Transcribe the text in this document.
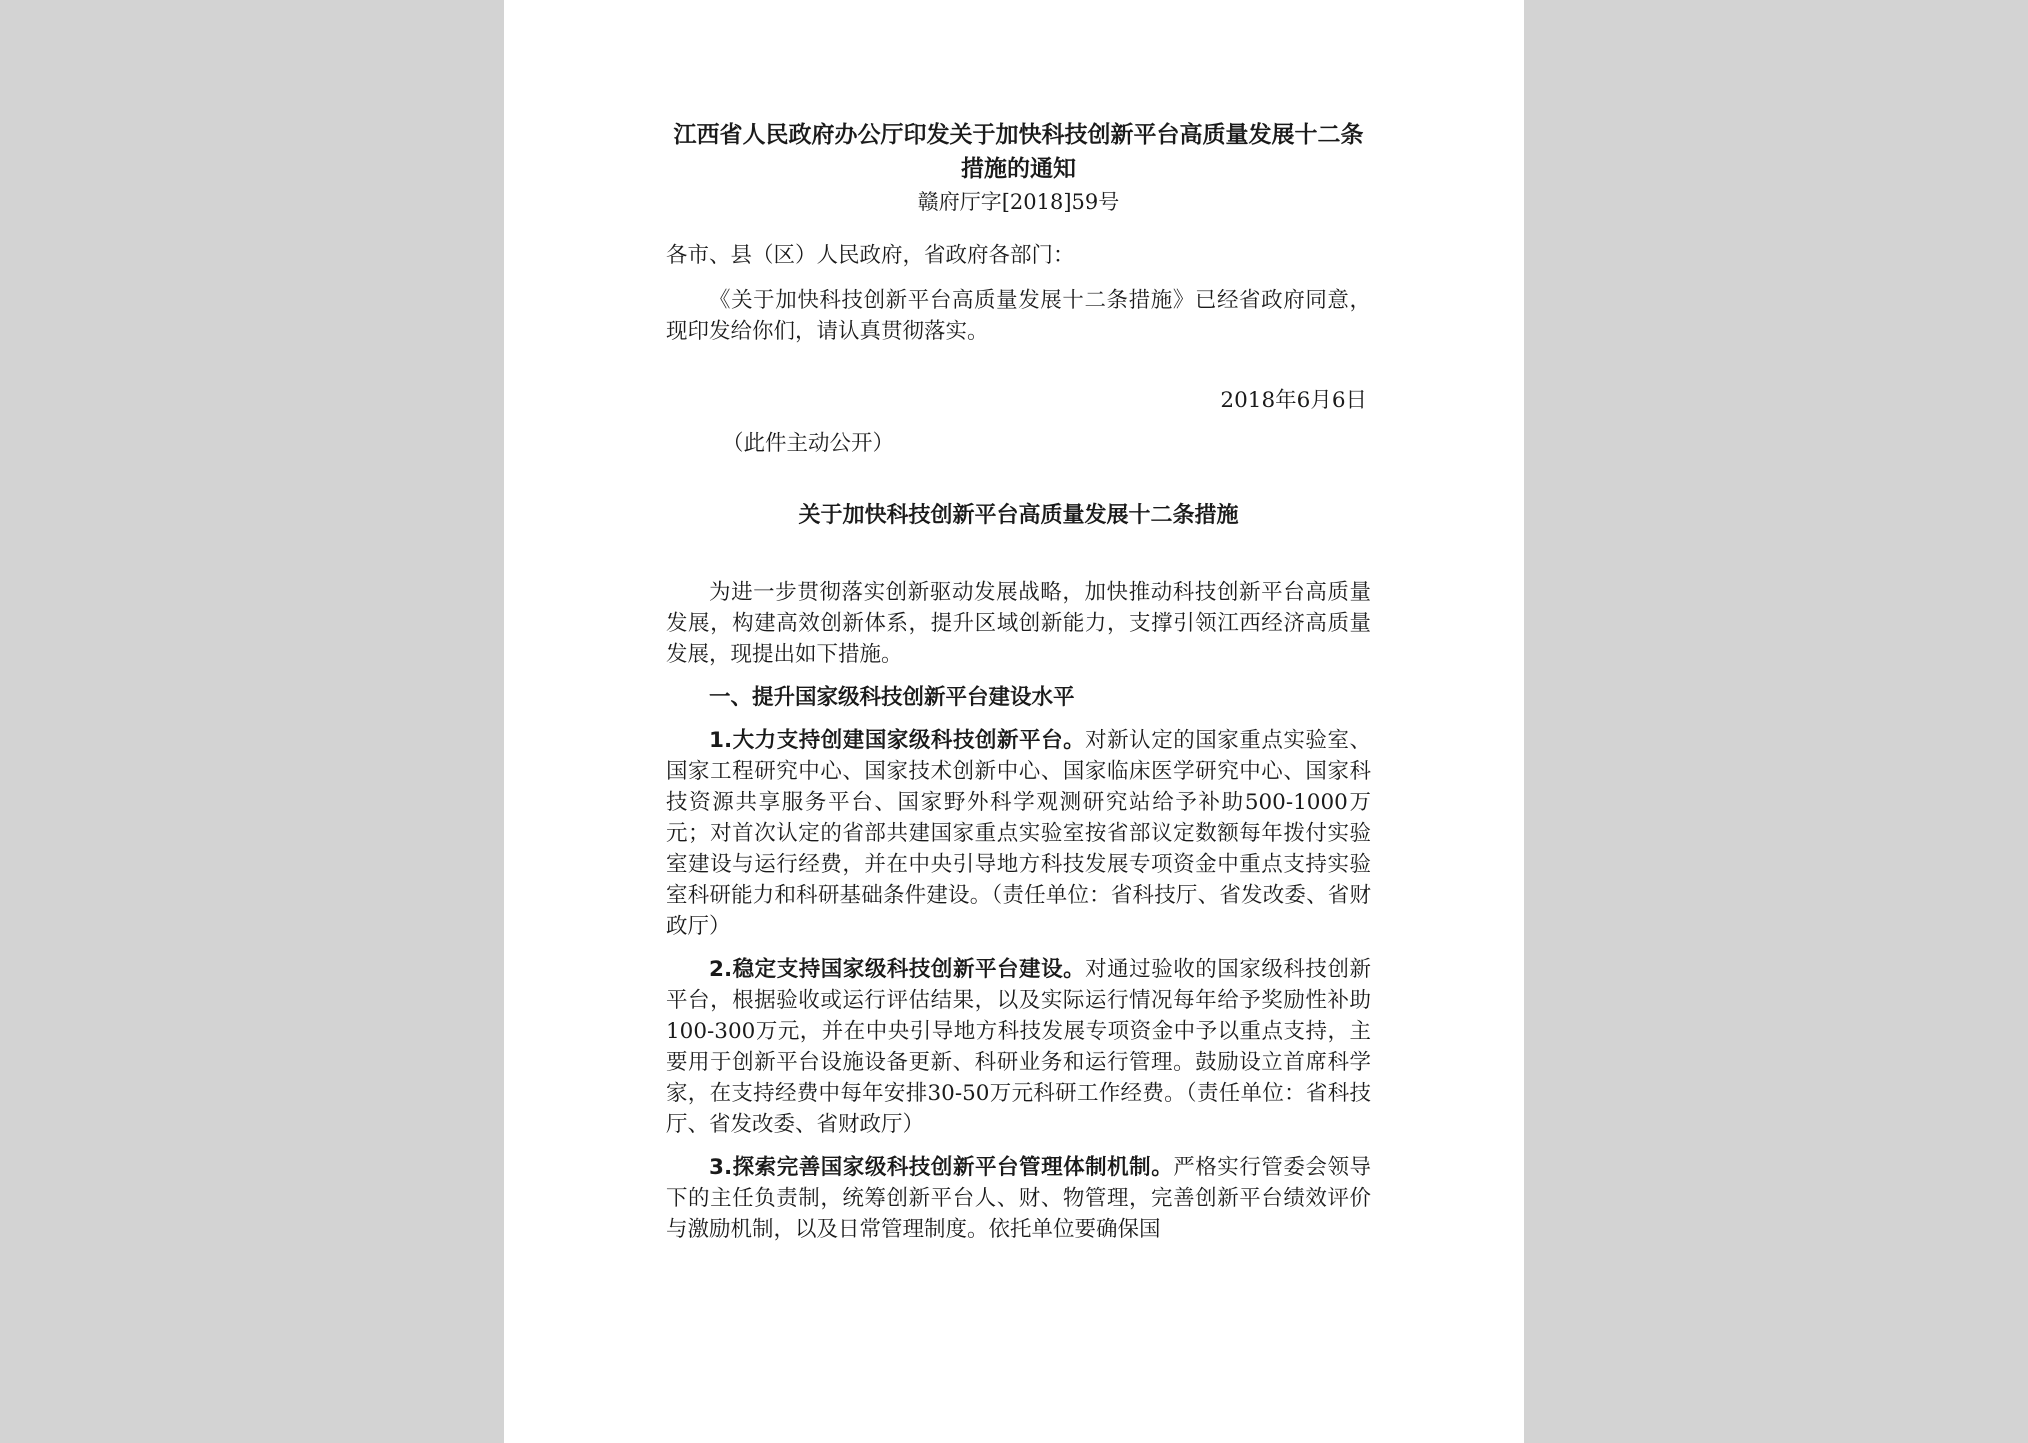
江西省人民政府办公厅印发关于加快科技创新平台高质量发展十二条措施的通知

赣府厅字[2018]59号

各市、县（区）人民政府，省政府各部门：

《关于加快科技创新平台高质量发展十二条措施》已经省政府同意，现印发给你们，请认真贯彻落实。

2018年6月6日

（此件主动公开）

关于加快科技创新平台高质量发展十二条措施

为进一步贯彻落实创新驱动发展战略，加快推动科技创新平台高质量发展，构建高效创新体系，提升区域创新能力，支撑引领江西经济高质量发展，现提出如下措施。

一、提升国家级科技创新平台建设水平

1.大力支持创建国家级科技创新平台。对新认定的国家重点实验室、国家工程研究中心、国家技术创新中心、国家临床医学研究中心、国家科技资源共享服务平台、国家野外科学观测研究站给予补助500-1000万元；对首次认定的省部共建国家重点实验室按省部议定数额每年拨付实验室建设与运行经费，并在中央引导地方科技发展专项资金中重点支持实验室科研能力和科研基础条件建设。（责任单位：省科技厅、省发改委、省财政厅）

2.稳定支持国家级科技创新平台建设。对通过验收的国家级科技创新平台，根据验收或运行评估结果，以及实际运行情况每年给予奖励性补助100-300万元，并在中央引导地方科技发展专项资金中予以重点支持，主要用于创新平台设施设备更新、科研业务和运行管理。鼓励设立首席科学家，在支持经费中每年安排30-50万元科研工作经费。（责任单位：省科技厅、省发改委、省财政厅）

3.探索完善国家级科技创新平台管理体制机制。严格实行管委会领导下的主任负责制，统筹创新平台人、财、物管理，完善创新平台绩效评价与激励机制，以及日常管理制度。依托单位要确保国
